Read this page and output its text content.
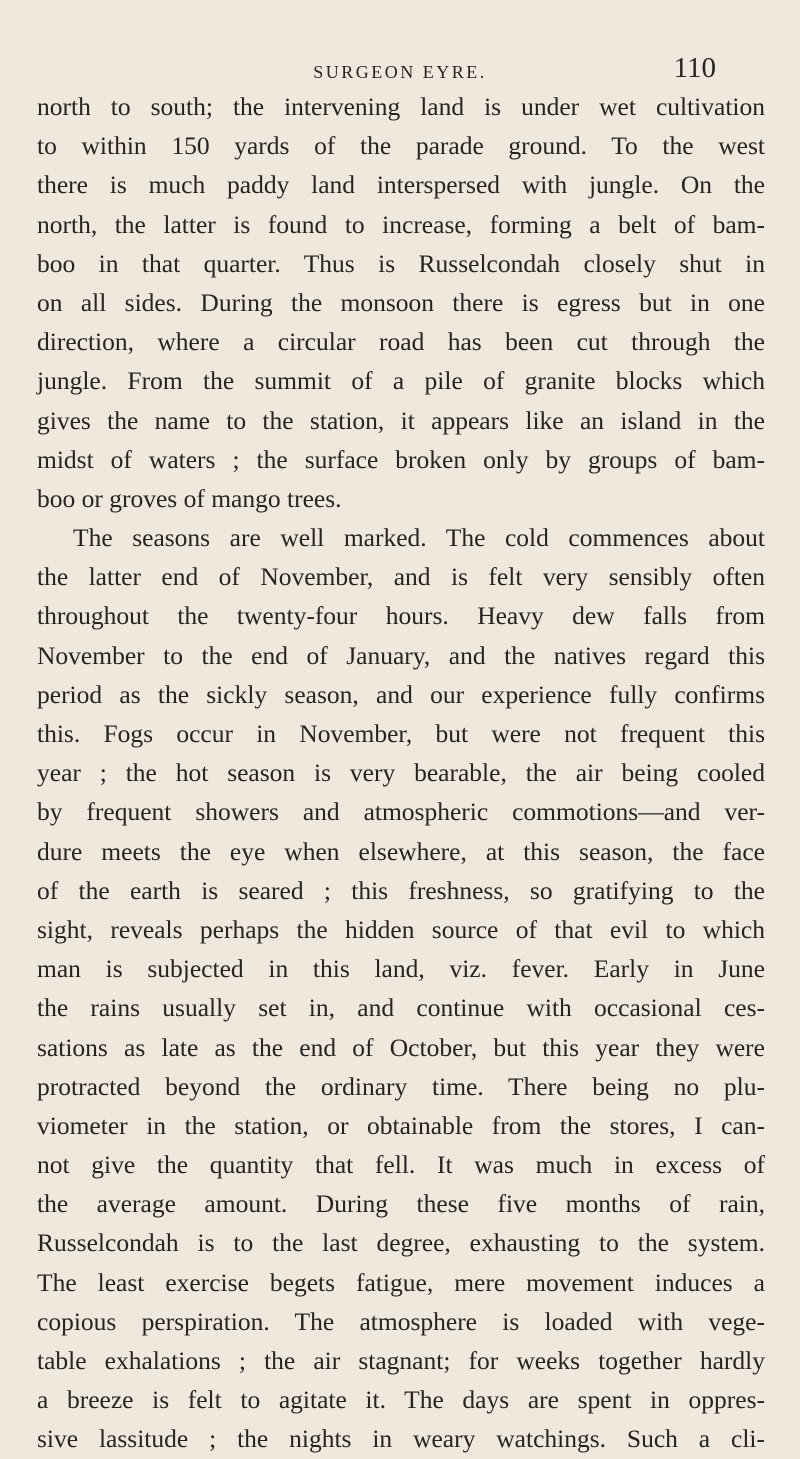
SURGEON EYRE.	110
north to south; the intervening land is under wet cultivation
to within 150 yards of the parade ground. To the west
there is much paddy land interspersed with jungle. On the
north, the latter is found to increase, forming a belt of bam-
boo in that quarter. Thus is Russelcondah closely shut in
on all sides. During the monsoon there is egress but in one
direction, where a circular road has been cut through the
jungle. From the summit of a pile of granite blocks which
gives the name to the station, it appears like an island in the
midst of waters ; the surface broken only by groups of bam-
boo or groves of mango trees.
The seasons are well marked. The cold commences about
the latter end of November, and is felt very sensibly often
throughout the twenty-four hours. Heavy dew falls from
November to the end of January, and the natives regard this
period as the sickly season, and our experience fully confirms
this. Fogs occur in November, but were not frequent this
year ; the hot season is very bearable, the air being cooled
by frequent showers and atmospheric commotions—and ver-
dure meets the eye when elsewhere, at this season, the face
of the earth is seared ; this freshness, so gratifying to the
sight, reveals perhaps the hidden source of that evil to which
man is subjected in this land, viz. fever. Early in June
the rains usually set in, and continue with occasional ces-
sations as late as the end of October, but this year they were
protracted beyond the ordinary time. There being no plu-
viometer in the station, or obtainable from the stores, I can-
not give the quantity that fell. It was much in excess of
the average amount. During these five months of rain,
Russelcondah is to the last degree, exhausting to the system.
The least exercise begets fatigue, mere movement induces a
copious perspiration. The atmosphere is loaded with vege-
table exhalations ; the air stagnant; for weeks together hardly
a breeze is felt to agitate it. The days are spent in oppres-
sive lassitude ; the nights in weary watchings. Such a cli-
